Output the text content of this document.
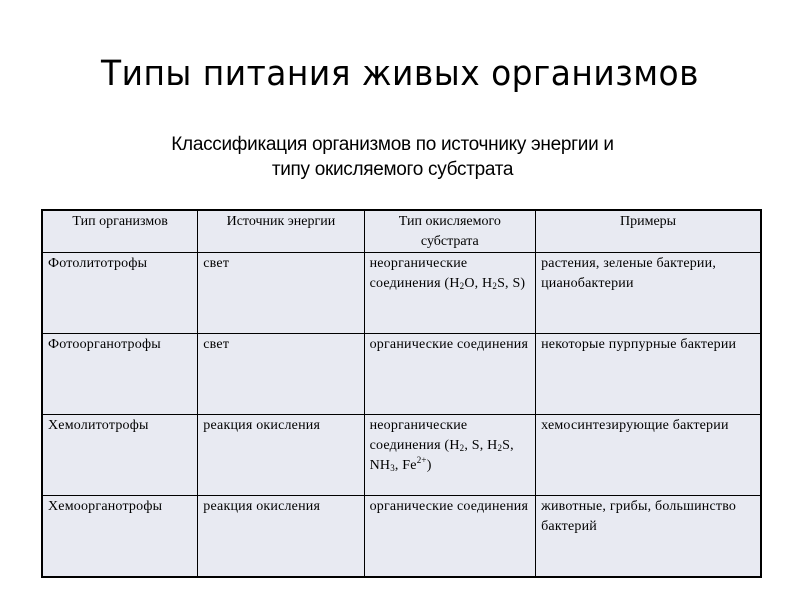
Типы питания живых организмов
Классификация организмов по источнику энергии и
типу окисляемого субстрата
Тип организмов	Источник энергии	Тип окисляемого субстрата	Примеры
Фотолитотрофы	свет	неорганические соединения ($H_2O$, $H_2S$, S)	растения, зеленые бактерии, цианобактерии
Фотоорганотрофы	свет	органические соединения	некоторые пурпурные бактерии
Хемолитотрофы	реакция окисления	неорганические соединения ($H_2$, S, $H_2S$, $NH_3$, $Fe^{2+}$)	хемосинтезирующие бактерии
Хемоорганотрофы	реакция окисления	органические соединения	животные, грибы, большинство бактерий
